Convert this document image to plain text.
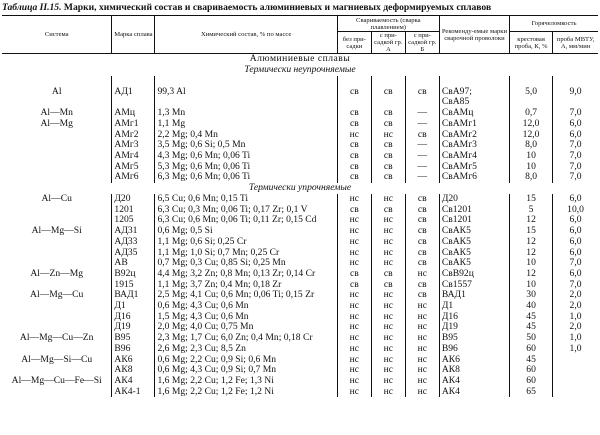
Таблица II.15. Марки, химический состав и свариваемость алюминиевых и магниевых деформируемых сплавов
Система	Марка сплава	Химический состав, % по массе	Свариваемость (сварка плавлением)			Рекоменду-емые марки сварочной проволоки	Горячеломкость	
			без при-садки	с при-садкой гр. А	с при-садкой гр. Б		крестовая проба, К, %	проба МВТУ, А, мм/мин
Алюминиевые сплавы								
Термически неупрочняемые								

Al	АД1	99,3 Al	св	св	св	СвА97;	5,0	9,0
						СвА85		
Al—Mn	АМц	1,3 Mn	св	св	—	СвАМц	0,7	7,0
Al—Mg	АМг1	1,1 Mg	св	св	—	СвАМг1	12,0	6,0
	АМг2	2,2 Mg; 0,4 Mn	нс	нс	св	СвАМг2	12,0	6,0
	АМг3	3,5 Mg; 0,6 Si; 0,5 Mn	св	св	—	СвАМг3	8,0	7,0
	АМг4	4,3 Mg; 0,6 Mn; 0,06 Ti	св	св	—	СвАМг4	10	7,0
	АМг5	5,3 Mg; 0,6 Mn; 0,06 Ti	св	св	—	СвАМг5	10	7,0
	АМг6	6,3 Mg; 0,6 Mn; 0,06 Ti	св	св	—	СвАМг6	8,0	7,0
Термически упрочняемые								
Al—Cu	Д20	6,5 Cu; 0,6 Mn; 0,15 Ti	нс	нс	св	Д20	15	6,0
	1201	6,3 Cu; 0,3 Mn; 0,06 Ti; 0,17 Zr; 0,1 V	св	св	св	Св1201	5	10,0
	1205	6,3 Cu; 0,6 Mn; 0,06 Ti; 0,11 Zr; 0,15 Cd	нс	нс	св	Св1201	12	6,0
Al—Mg—Si	АД31	0,6 Mg; 0,5 Si	нс	нс	св	СвАК5	15	6,0
	АД33	1,1 Mg; 0,6 Si; 0,25 Cr	нс	нс	св	СвАК5	12	6,0
	АД35	1,1 Mg; 1,0 Si; 0,7 Mn; 0,25 Cr	нс	нс	св	СвАК5	12	6,0
	АВ	0,7 Mg; 0,3 Cu; 0,85 Si; 0,25 Mn	нс	нс	св	СвАК5	10	7,0
Al—Zn—Mg	В92ц	4,4 Mg; 3,2 Zn; 0,8 Mn; 0,13 Zr; 0,14 Cr	св	св	нс	СвВ92ц	12	6,0
	1915	1,1 Mg; 3,7 Zn; 0,4 Mn; 0,18 Zr	св	св	св	Св1557	10	7,0
Al—Mg—Cu	ВАД1	2,5 Mg; 4,1 Cu; 0,6 Mn; 0,06 Ti; 0,15 Zr	нс	нс	св	ВАД1	30	2,0
	Д1	0,6 Mg; 4,3 Cu; 0,6 Mn	нс	нс	нс	Д1	40	2,0
	Д16	1,5 Mg; 4,3 Cu; 0,6 Mn	нс	нс	нс	Д16	45	1,0
	Д19	2,0 Mg; 4,0 Cu; 0,75 Mn	нс	нс	нс	Д19	45	2,0
Al—Mg—Cu—Zn	В95	2,3 Mg; 1,7 Cu; 6,0 Zn; 0,4 Mn; 0,18 Cr	нс	нс	нс	В95	50	1,0
	В96	2,6 Mg; 2,3 Cu; 8,5 Zn	нс	нс	нс	В96	60	1,0
Al—Mg—Si—Cu	АК6	0,6 Mg; 2,2 Cu; 0,9 Si; 0,6 Mn	нс	нс	нс	АК6	45	
	АК8	0,6 Mg; 4,3 Cu; 0,9 Si; 0,7 Mn	нс	нс	нс	АК8	60	
Al—Mg—Cu—Fe—Si	АК4	1,6 Mg; 2,2 Cu; 1,2 Fe; 1,3 Ni	нс	нс	нс	АК4	60	
	АК4-1	1,6 Mg; 2,2 Cu; 1,2 Fe; 1,2 Ni	нс	нс	нс	АК4	65	
